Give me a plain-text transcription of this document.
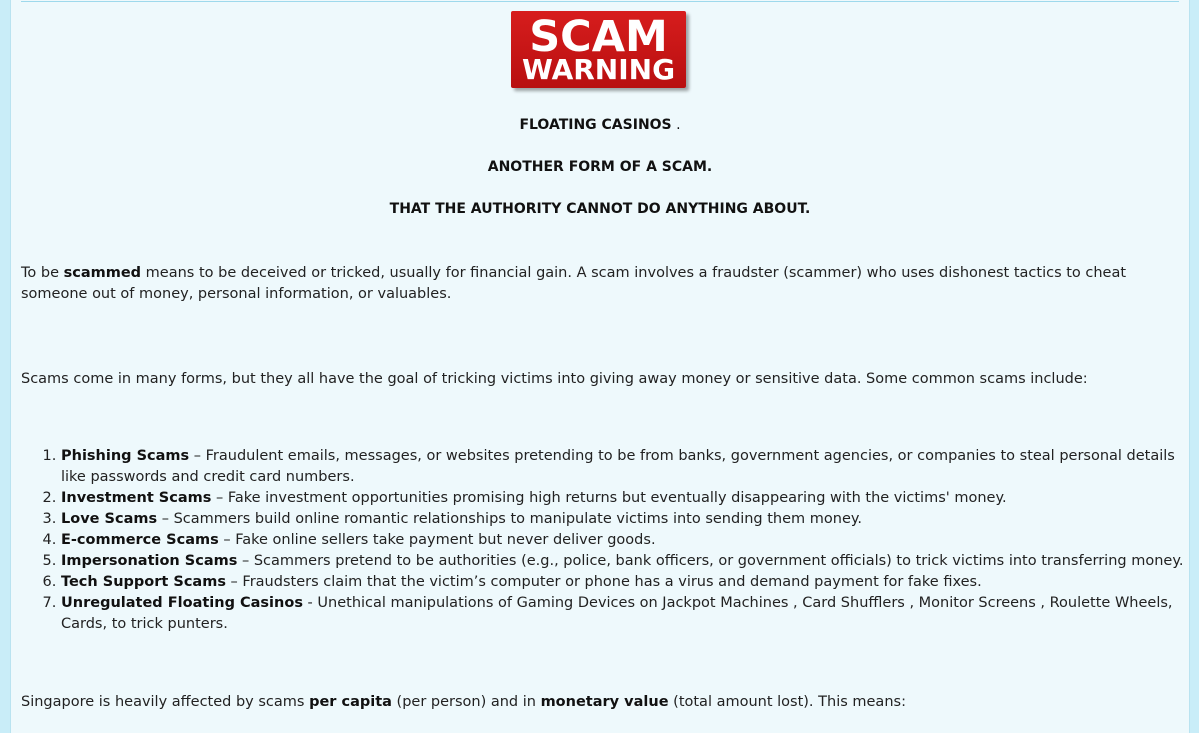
SCAM
WARNING
FLOATING CASINOS .
ANOTHER FORM OF A SCAM.
THAT THE AUTHORITY CANNOT DO ANYTHING ABOUT.
To be scammed means to be deceived or tricked, usually for financial gain. A scam involves a fraudster (scammer) who uses dishonest tactics to cheat someone out of money, personal information, or valuables.
Scams come in many forms, but they all have the goal of tricking victims into giving away money or sensitive data. Some common scams include:
1. Phishing Scams – Fraudulent emails, messages, or websites pretending to be from banks, government agencies, or companies to steal personal details like passwords and credit card numbers.
2. Investment Scams – Fake investment opportunities promising high returns but eventually disappearing with the victims' money.
3. Love Scams – Scammers build online romantic relationships to manipulate victims into sending them money.
4. E-commerce Scams – Fake online sellers take payment but never deliver goods.
5. Impersonation Scams – Scammers pretend to be authorities (e.g., police, bank officers, or government officials) to trick victims into transferring money.
6. Tech Support Scams – Fraudsters claim that the victim’s computer or phone has a virus and demand payment for fake fixes.
7. Unregulated Floating Casinos - Unethical manipulations of Gaming Devices on Jackpot Machines , Card Shufflers , Monitor Screens , Roulette Wheels, Cards, to trick punters.
Singapore is heavily affected by scams per capita (per person) and in monetary value (total amount lost). This means:
